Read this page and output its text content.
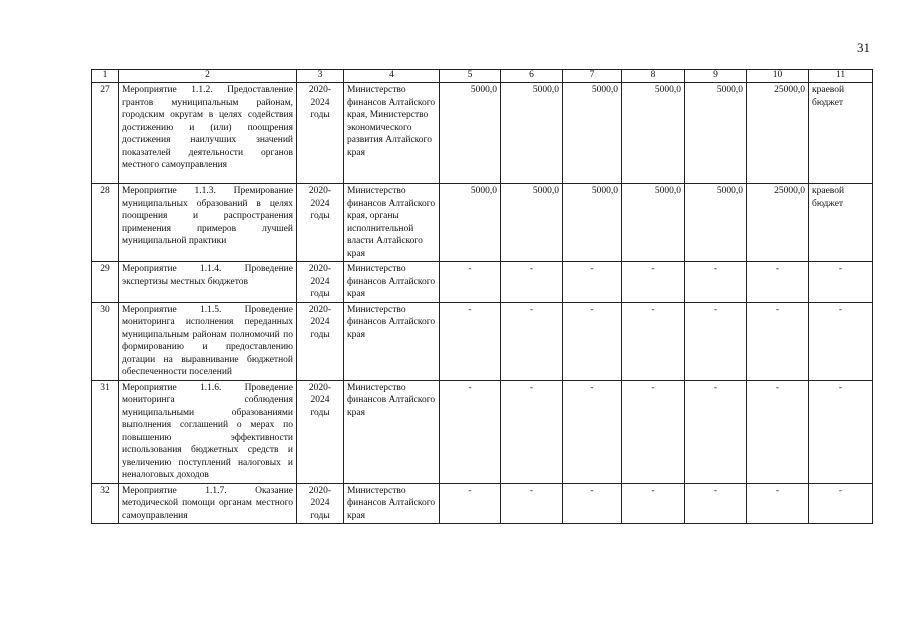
31
1	2	3	4	5	6	7	8	9	10	11
27	Мероприятие 1.1.2. Предоставление грантов муниципальным районам, городским округам в целях содействия достижению и (или) поощрения достижения наилучших значений показателей деятельности органов местного самоуправления	2020-2024 годы	Министерство финансов Алтайского края, Министерство экономического развития Алтайского края	5000,0	5000,0	5000,0	5000,0	5000,0	25000,0	краевой бюджет
28	Мероприятие 1.1.3. Премирование муниципальных образований в целях поощрения и распространения применения примеров лучшей муниципальной практики	2020-2024 годы	Министерство финансов Алтайского края, органы исполнительной власти Алтайского края	5000,0	5000,0	5000,0	5000,0	5000,0	25000,0	краевой бюджет
29	Мероприятие 1.1.4. Проведение экспертизы местных бюджетов	2020-2024 годы	Министерство финансов Алтайского края	-	-	-	-	-	-	-
30	Мероприятие 1.1.5. Проведение мониторинга исполнения переданных муниципальным районам полномочий по формированию и предоставлению дотации на выравнивание бюджетной обеспеченности поселений	2020-2024 годы	Министерство финансов Алтайского края	-	-	-	-	-	-	-
31	Мероприятие 1.1.6. Проведение мониторинга соблюдения муниципальными образованиями выполнения соглашений о мерах по повышению эффективности использования бюджетных средств и увеличению поступлений налоговых и неналоговых доходов	2020-2024 годы	Министерство финансов Алтайского края	-	-	-	-	-	-	-
32	Мероприятие 1.1.7. Оказание методической помощи органам местного самоуправления	2020-2024 годы	Министерство финансов Алтайского края	-	-	-	-	-	-	-
